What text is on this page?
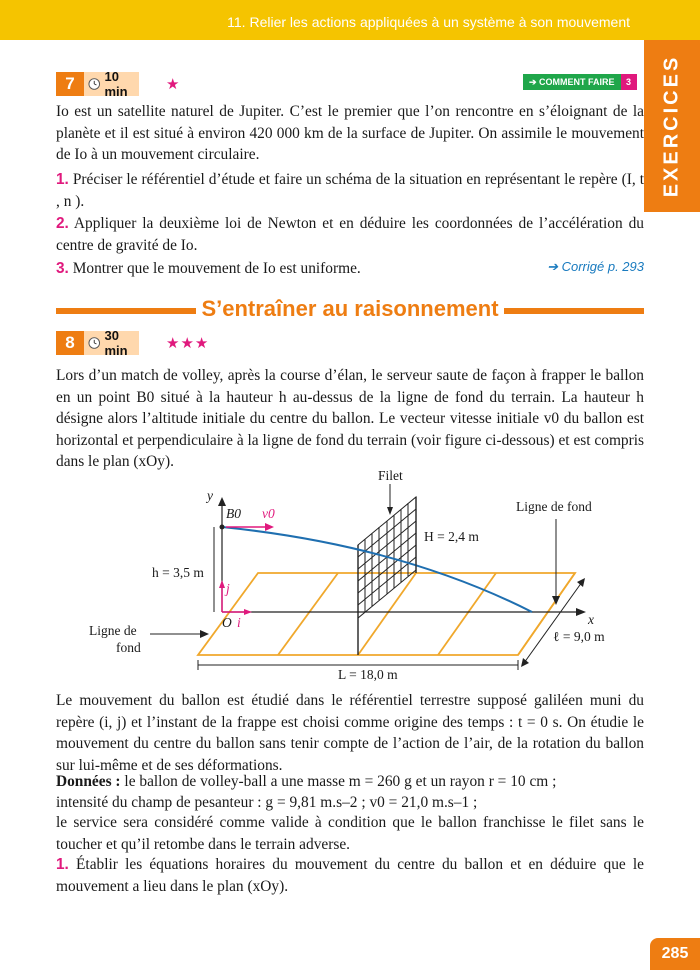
11. Relier les actions appliquées à un système à son mouvement
EXERCICES
7	10 min	★	➔ COMMENT FAIRE	3
Io est un satellite naturel de Jupiter. C’est le premier que l’on rencontre en s’éloignant de la planète et il est situé à environ 420 000 km de la surface de Jupiter. On assimile le mouvement de Io à un mouvement circulaire.
1. Préciser le référentiel d’étude et faire un schéma de la situation en représentant le repère (I, t , n ).
2. Appliquer la deuxième loi de Newton et en déduire les coordonnées de l’accélération du centre de gravité de Io.
3. Montrer que le mouvement de Io est uniforme.	➔ Corrigé p. 293
S’entraîner au raisonnement
8	30 min	★★★
Lors d’un match de volley, après la course d’élan, le serveur saute de façon à frapper le ballon en un point B0 situé à la hauteur h au-dessus de la ligne de fond du terrain. La hauteur h désigne alors l’altitude initiale du centre du ballon. Le vecteur vitesse initiale v0 du ballon est horizontal et perpendiculaire à la ligne de fond du terrain (voir figure ci-dessous) et est compris dans le plan (xOy).
Filet
Ligne de fond
Ligne de
fond
y
x
B0 v0
H = 2,4 m
h = 3,5 m
j
i
O
ℓ = 9,0 m
L = 18,0 m
Le mouvement du ballon est étudié dans le référentiel terrestre supposé galiléen muni du repère (i, j) et l’instant de la frappe est choisi comme origine des temps : t = 0 s. On étudie le mouvement du centre du ballon sans tenir compte de l’action de l’air, de la rotation du ballon sur lui-même et de ses déformations.
Données : le ballon de volley-ball a une masse m = 260 g et un rayon r = 10 cm ;
intensité du champ de pesanteur : g = 9,81 m.s–2 ; v0 = 21,0 m.s–1 ;
le service sera considéré comme valide à condition que le ballon franchisse le filet sans le toucher et qu’il retombe dans le terrain adverse.
1. Établir les équations horaires du mouvement du centre du ballon et en déduire que le mouvement a lieu dans le plan (xOy).
285
